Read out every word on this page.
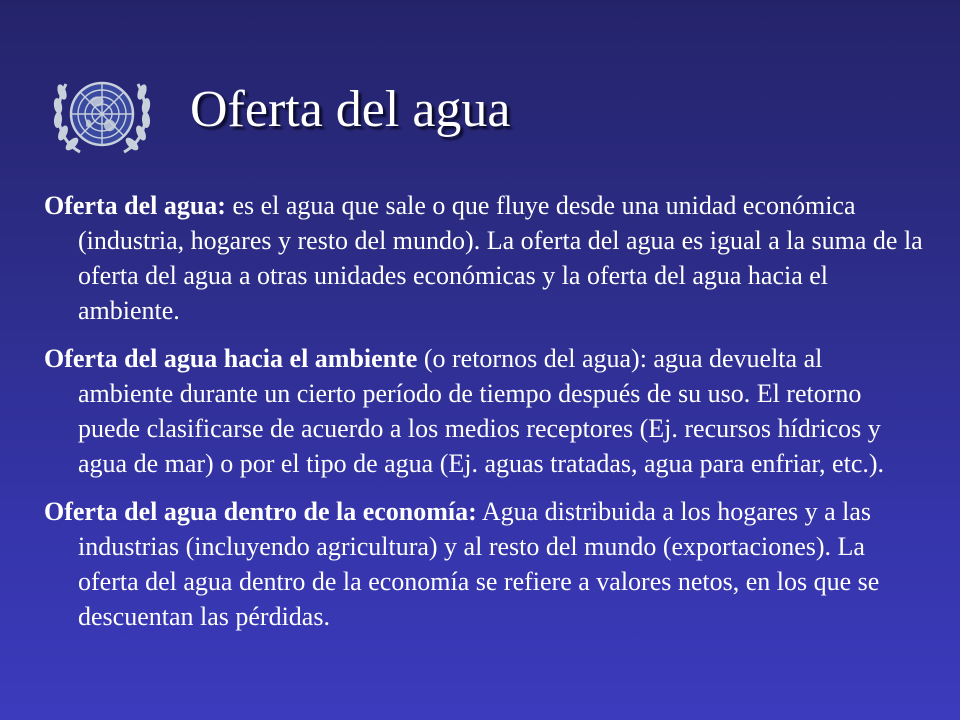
Oferta del agua

Oferta del agua: es el agua que sale o que fluye desde una unidad económica (industria, hogares y resto del mundo). La oferta del agua es igual a la suma de la oferta del agua a otras unidades económicas y la oferta del agua hacia el ambiente.

Oferta del agua hacia el ambiente (o retornos del agua): agua devuelta al ambiente durante un cierto período de tiempo después de su uso. El retorno puede clasificarse de acuerdo a los medios receptores (Ej. recursos hídricos y agua de mar) o por el tipo de agua (Ej. aguas tratadas, agua para enfriar, etc.).

Oferta del agua dentro de la economía: Agua distribuida a los hogares y a las industrias (incluyendo agricultura) y al resto del mundo (exportaciones). La oferta del agua dentro de la economía se refiere a valores netos, en los que se descuentan las pérdidas.
